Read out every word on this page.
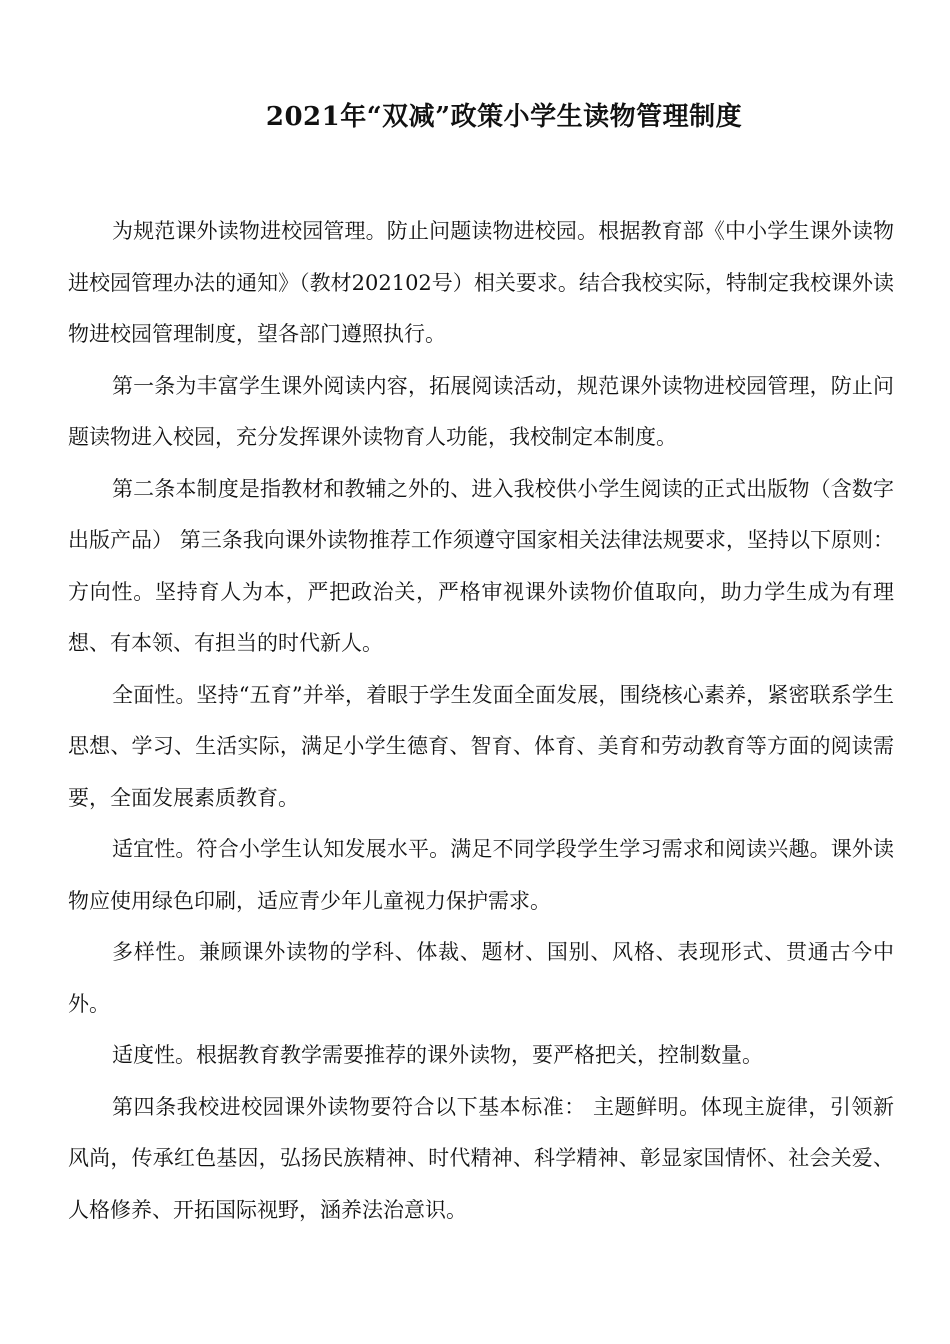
2021年“双减”政策小学生读物管理制度

为规范课外读物进校园管理。防止问题读物进校园。根据教育部《中小学生课外读物进校园管理办法的通知》（教材202102号）相关要求。结合我校实际，特制定我校课外读物进校园管理制度，望各部门遵照执行。

第一条为丰富学生课外阅读内容，拓展阅读活动，规范课外读物进校园管理，防止问题读物进入校园，充分发挥课外读物育人功能，我校制定本制度。

第二条本制度是指教材和教辅之外的、进入我校供小学生阅读的正式出版物（含数字出版产品） 第三条我向课外读物推荐工作须遵守国家相关法律法规要求，坚持以下原则： 方向性。坚持育人为本，严把政治关，严格审视课外读物价值取向，助力学生成为有理想、有本领、有担当的时代新人。

全面性。坚持“五育”并举，着眼于学生发面全面发展，围绕核心素养，紧密联系学生思想、学习、生活实际，满足小学生德育、智育、体育、美育和劳动教育等方面的阅读需要，全面发展素质教育。

适宜性。符合小学生认知发展水平。满足不同学段学生学习需求和阅读兴趣。课外读物应使用绿色印刷，适应青少年儿童视力保护需求。

多样性。兼顾课外读物的学科、体裁、题材、国别、风格、表现形式、贯通古今中外。

适度性。根据教育教学需要推荐的课外读物，要严格把关，控制数量。

第四条我校进校园课外读物要符合以下基本标准： 主题鲜明。体现主旋律，引领新风尚，传承红色基因，弘扬民族精神、时代精神、科学精神、彰显家国情怀、社会关爱、人格修养、开拓国际视野，涵养法治意识。
